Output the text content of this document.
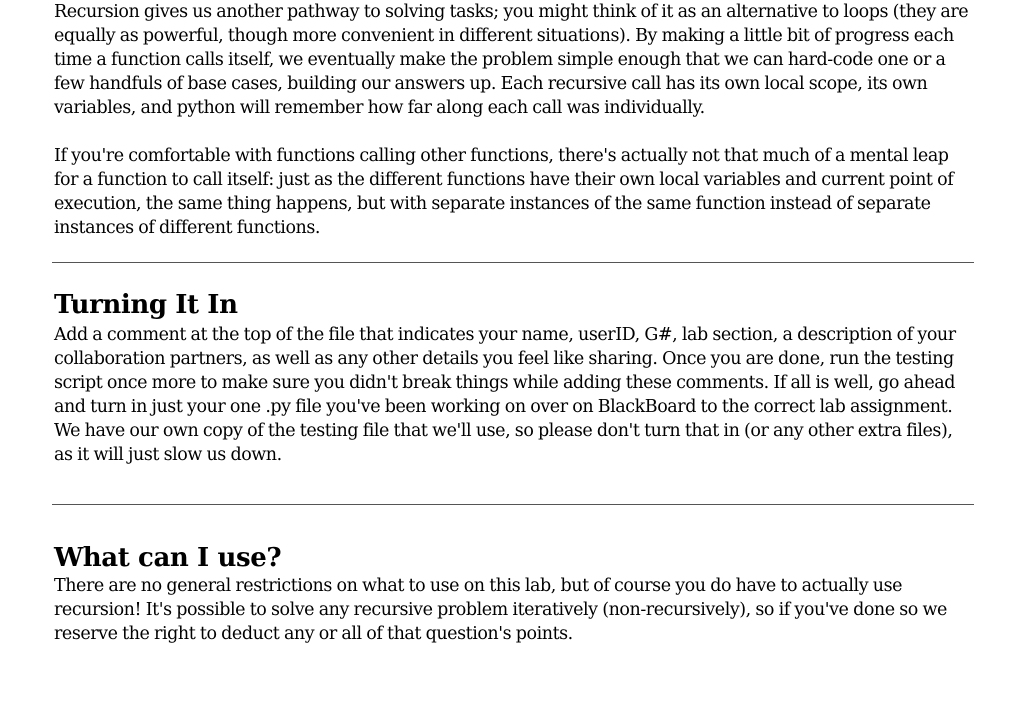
Recursion gives us another pathway to solving tasks; you might think of it as an alternative to loops (they are equally as powerful, though more convenient in different situations). By making a little bit of progress each time a function calls itself, we eventually make the problem simple enough that we can hard-code one or a few handfuls of base cases, building our answers up. Each recursive call has its own local scope, its own variables, and python will remember how far along each call was individually.

If you're comfortable with functions calling other functions, there's actually not that much of a mental leap for a function to call itself: just as the different functions have their own local variables and current point of execution, the same thing happens, but with separate instances of the same function instead of separate instances of different functions.

Turning It In

Add a comment at the top of the file that indicates your name, userID, G#, lab section, a description of your collaboration partners, as well as any other details you feel like sharing. Once you are done, run the testing script once more to make sure you didn't break things while adding these comments. If all is well, go ahead and turn in just your one .py file you've been working on over on BlackBoard to the correct lab assignment. We have our own copy of the testing file that we'll use, so please don't turn that in (or any other extra files), as it will just slow us down.

What can I use?

There are no general restrictions on what to use on this lab, but of course you do have to actually use recursion! It's possible to solve any recursive problem iteratively (non-recursively), so if you've done so we reserve the right to deduct any or all of that question's points.
